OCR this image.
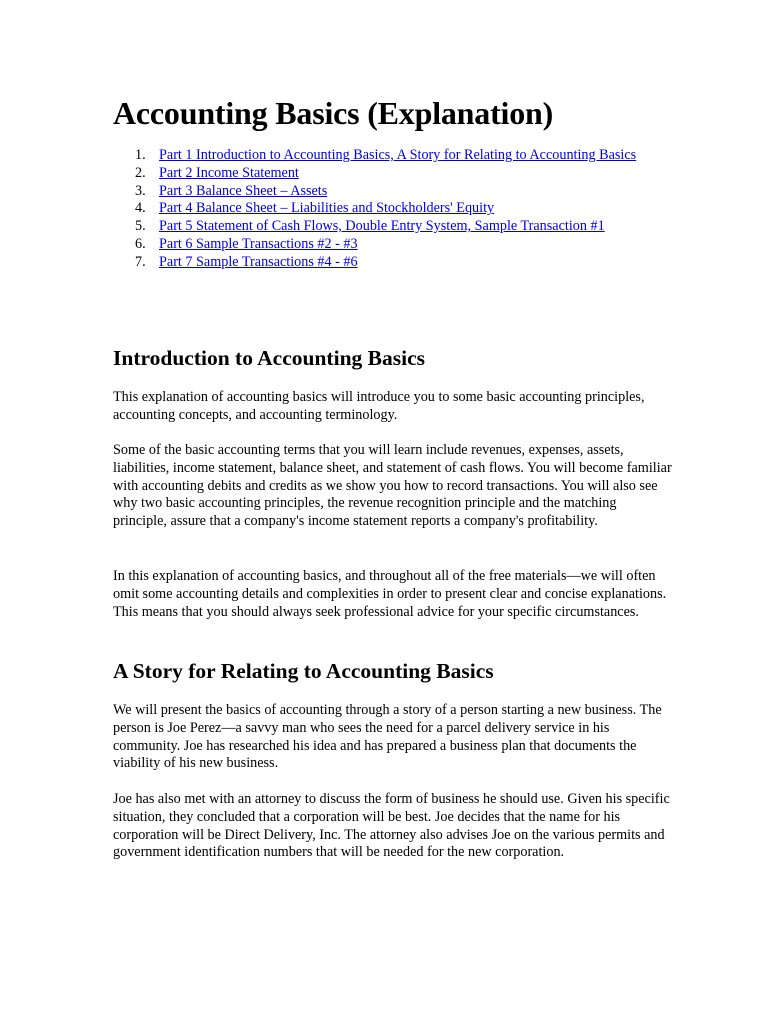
Accounting Basics (Explanation)
1. Part 1 Introduction to Accounting Basics, A Story for Relating to Accounting Basics
2. Part 2 Income Statement
3. Part 3 Balance Sheet – Assets
4. Part 4 Balance Sheet – Liabilities and Stockholders' Equity
5. Part 5 Statement of Cash Flows, Double Entry System, Sample Transaction #1
6. Part 6 Sample Transactions #2 - #3
7. Part 7 Sample Transactions #4 - #6
Introduction to Accounting Basics

This explanation of accounting basics will introduce you to some basic accounting principles, accounting concepts, and accounting terminology.

Some of the basic accounting terms that you will learn include revenues, expenses, assets, liabilities, income statement, balance sheet, and statement of cash flows. You will become familiar with accounting debits and credits as we show you how to record transactions. You will also see why two basic accounting principles, the revenue recognition principle and the matching principle, assure that a company's income statement reports a company's profitability.

In this explanation of accounting basics, and throughout all of the free materials—we will often omit some accounting details and complexities in order to present clear and concise explanations. This means that you should always seek professional advice for your specific circumstances.

A Story for Relating to Accounting Basics

We will present the basics of accounting through a story of a person starting a new business. The person is Joe Perez—a savvy man who sees the need for a parcel delivery service in his community. Joe has researched his idea and has prepared a business plan that documents the viability of his new business.

Joe has also met with an attorney to discuss the form of business he should use. Given his specific situation, they concluded that a corporation will be best. Joe decides that the name for his corporation will be Direct Delivery, Inc. The attorney also advises Joe on the various permits and government identification numbers that will be needed for the new corporation.
